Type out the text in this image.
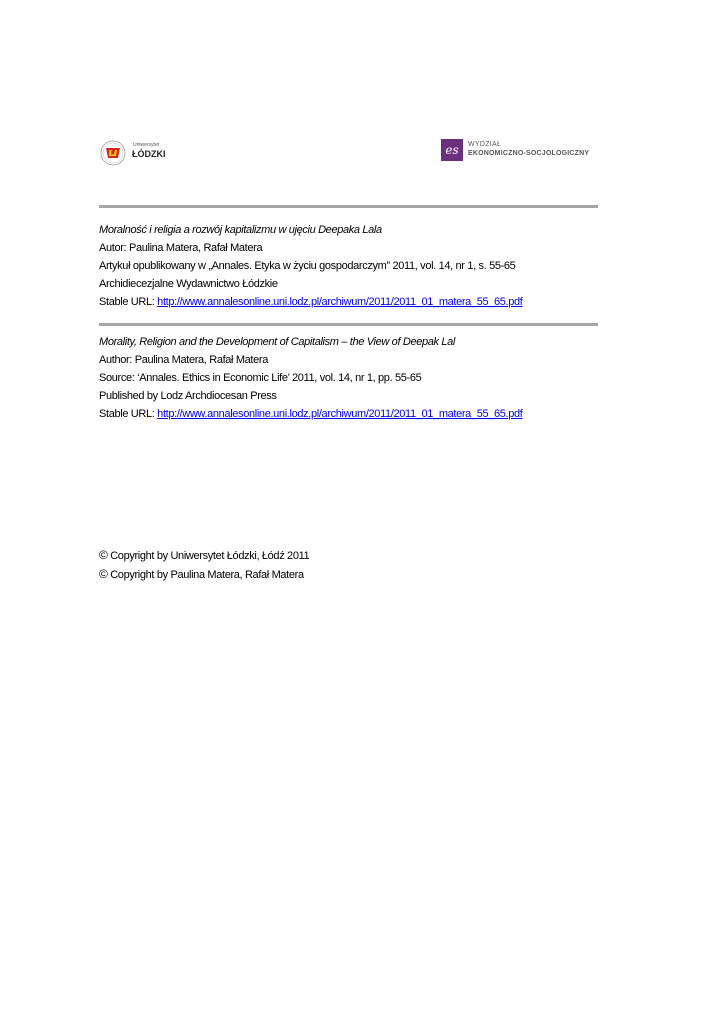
Uniwersytet
ŁÓDZKI	es WYDZIAŁ
EKONOMICZNO-SOCJOLOGICZNY
Moralność i religia a rozwój kapitalizmu w ujęciu Deepaka Lala
Autor: Paulina Matera, Rafał Matera
Artykuł opublikowany w „Annales. Etyka w życiu gospodarczym” 2011, vol. 14, nr 1, s. 55-65
Archidiecezjalne Wydawnictwo Łódzkie
Stable URL: http://www.annalesonline.uni.lodz.pl/archiwum/2011/2011_01_matera_55_65.pdf
Morality, Religion and the Development of Capitalism – the View of Deepak Lal
Author: Paulina Matera, Rafał Matera
Source: ‘Annales. Ethics in Economic Life’ 2011, vol. 14, nr 1, pp. 55-65
Published by Lodz Archdiocesan Press
Stable URL: http://www.annalesonline.uni.lodz.pl/archiwum/2011/2011_01_matera_55_65.pdf
© Copyright by Uniwersytet Łódzki, Łódź 2011
© Copyright by Paulina Matera, Rafał Matera
